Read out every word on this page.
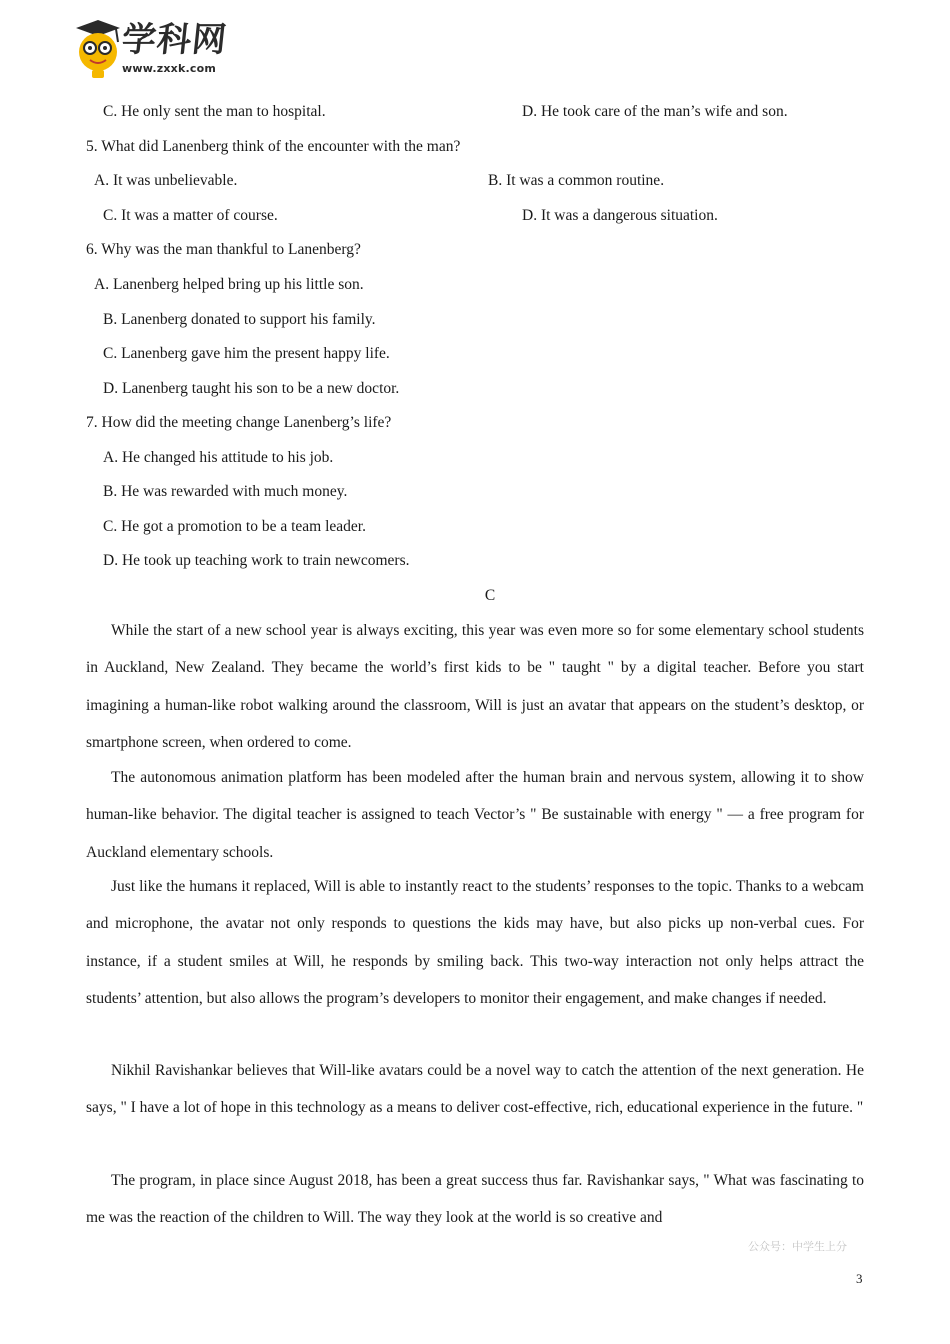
学科网
www.zxxk.com
C. He only sent the man to hospital.	D. He took care of the man’s wife and son.
5. What did Lanenberg think of the encounter with the man?
A. It was unbelievable.	B. It was a common routine.
C. It was a matter of course.	D. It was a dangerous situation.
6. Why was the man thankful to Lanenberg?
A. Lanenberg helped bring up his little son.
B. Lanenberg donated to support his family.
C. Lanenberg gave him the present happy life.
D. Lanenberg taught his son to be a new doctor.
7. How did the meeting change Lanenberg’s life?
A. He changed his attitude to his job.
B. He was rewarded with much money.
C. He got a promotion to be a team leader.
D. He took up teaching work to train newcomers.
C
While the start of a new school year is always exciting, this year was even more so for some elementary school students in Auckland, New Zealand. They became the world’s first kids to be " taught " by a digital teacher. Before you start imagining a human-like robot walking around the classroom, Will is just an avatar that appears on the student’s desktop, or smartphone screen, when ordered to come.
The autonomous animation platform has been modeled after the human brain and nervous system, allowing it to show human-like behavior. The digital teacher is assigned to teach Vector’s " Be sustainable with energy " — a free program for Auckland elementary schools.
Just like the humans it replaced, Will is able to instantly react to the students’ responses to the topic. Thanks to a webcam and microphone, the avatar not only responds to questions the kids may have, but also picks up non-verbal cues. For instance, if a student smiles at Will, he responds by smiling back. This two-way interaction not only helps attract the students’ attention, but also allows the program’s developers to monitor their engagement, and make changes if needed.
Nikhil Ravishankar believes that Will-like avatars could be a novel way to catch the attention of the next generation. He says, " I have a lot of hope in this technology as a means to deliver cost-effective, rich, educational experience in the future. "
The program, in place since August 2018, has been a great success thus far. Ravishankar says, " What was fascinating to me was the reaction of the children to Will. The way they look at the world is so creative and
公众号：中学生上分
3
